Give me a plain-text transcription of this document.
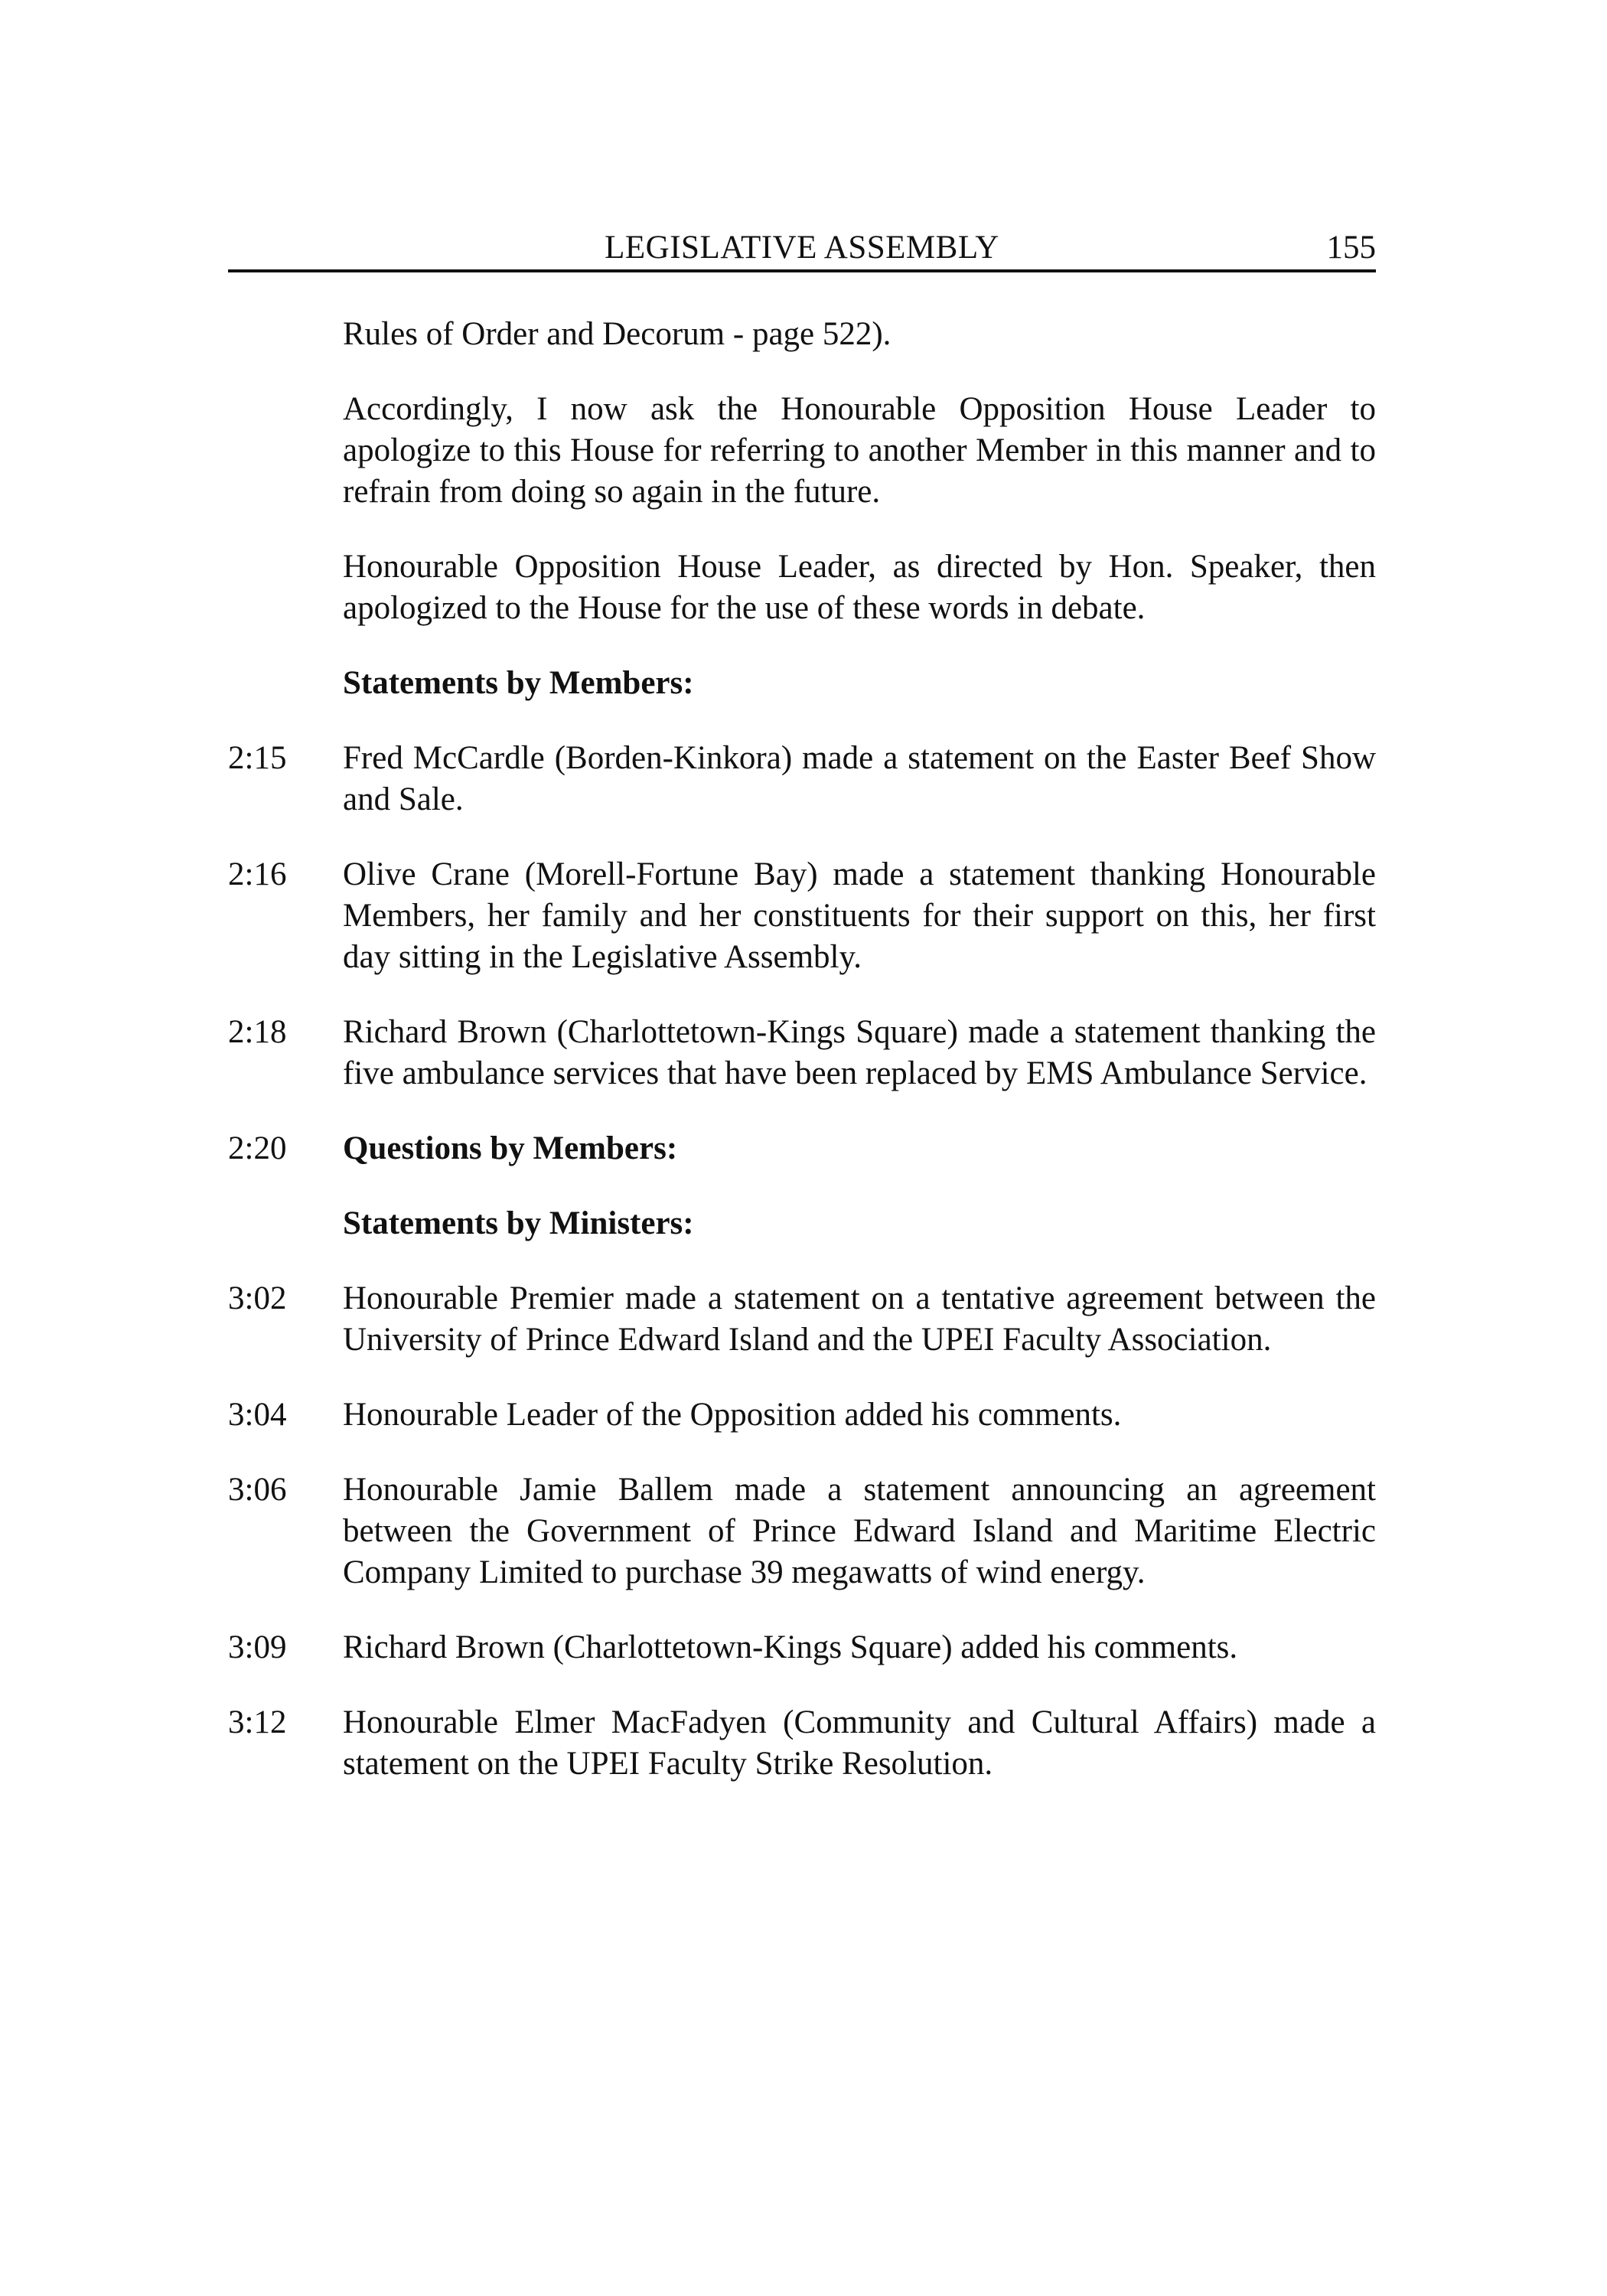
LEGISLATIVE ASSEMBLY	155
Rules of Order and Decorum - page 522).
Accordingly, I now ask the Honourable Opposition House Leader to apologize to this House for referring to another Member in this manner and to refrain from doing so again in the future.
Honourable Opposition House Leader, as directed by Hon. Speaker, then apologized to the House for the use of these words in debate.
Statements by Members:
2:15	Fred McCardle (Borden-Kinkora) made a statement on the Easter Beef Show and Sale.
2:16	Olive Crane (Morell-Fortune Bay) made a statement thanking Honourable Members, her family and her constituents for their support on this, her first day sitting in the Legislative Assembly.
2:18	Richard Brown (Charlottetown-Kings Square) made a statement thanking the five ambulance services that have been replaced by EMS Ambulance Service.
2:20	Questions by Members:
Statements by Ministers:
3:02	Honourable Premier made a statement on a tentative agreement between the University of Prince Edward Island and the UPEI Faculty Association.
3:04	Honourable Leader of the Opposition added his comments.
3:06	Honourable Jamie Ballem made a statement announcing an agreement between the Government of Prince Edward Island and Maritime Electric Company Limited to purchase 39 megawatts of wind energy.
3:09	Richard Brown (Charlottetown-Kings Square) added his comments.
3:12	Honourable Elmer MacFadyen (Community and Cultural Affairs) made a statement on the UPEI Faculty Strike Resolution.
